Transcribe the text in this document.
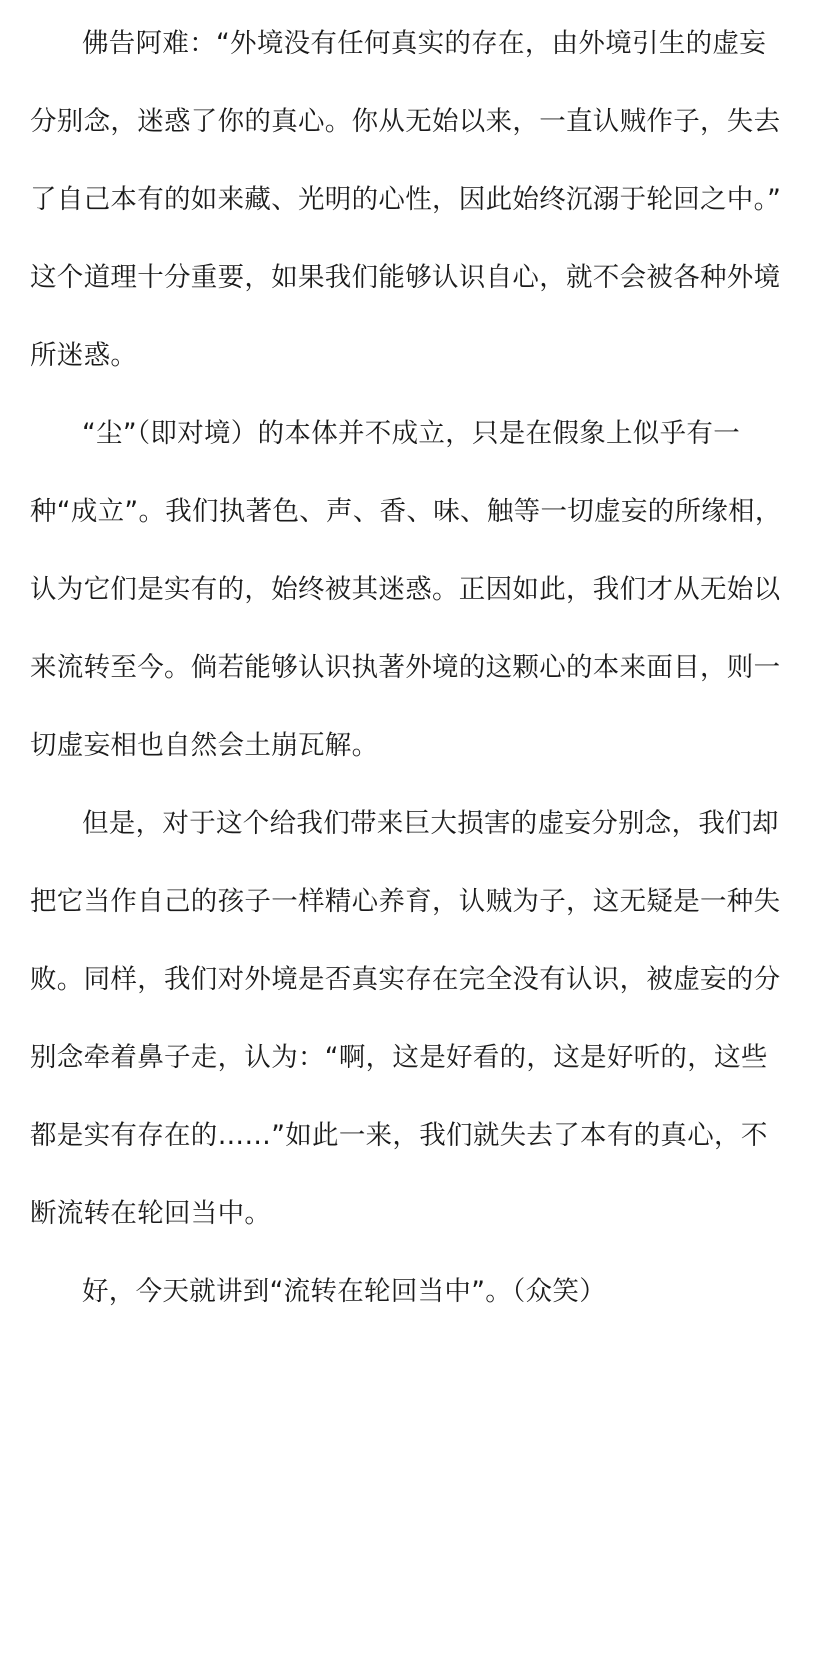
佛告阿难：“外境没有任何真实的存在，由外境引生的虚妄
分别念，迷惑了你的真心。你从无始以来，一直认贼作子，失去
了自己本有的如来藏、光明的心性，因此始终沉溺于轮回之中。”
这个道理十分重要，如果我们能够认识自心，就不会被各种外境
所迷惑。
“尘”（即对境）的本体并不成立，只是在假象上似乎有一
种“成立”。我们执著色、声、香、味、触等一切虚妄的所缘相，
认为它们是实有的，始终被其迷惑。正因如此，我们才从无始以
来流转至今。倘若能够认识执著外境的这颗心的本来面目，则一
切虚妄相也自然会土崩瓦解。
但是，对于这个给我们带来巨大损害的虚妄分别念，我们却
把它当作自己的孩子一样精心养育，认贼为子，这无疑是一种失
败。同样，我们对外境是否真实存在完全没有认识，被虚妄的分
别念牵着鼻子走，认为：“啊，这是好看的，这是好听的，这些
都是实有存在的……”如此一来，我们就失去了本有的真心，不
断流转在轮回当中。
好，今天就讲到“流转在轮回当中”。（众笑）
